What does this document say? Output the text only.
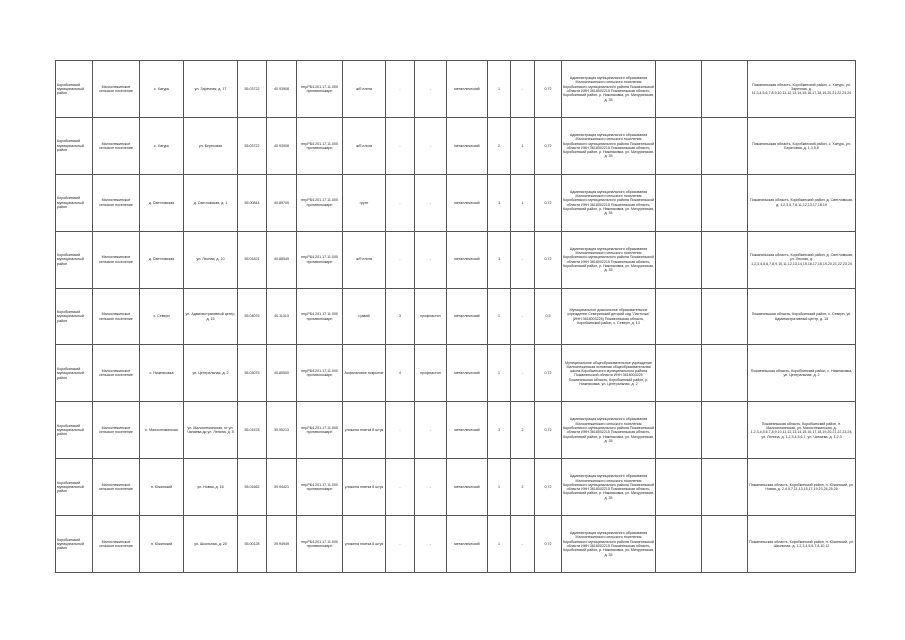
Коробкинский муниципальный район	Малоснежинское сельское поселение	с. Хатурь	ул. Заречная, д. 17	55.03722	40.93908	ппу.РБ4.201.17.11.000 противопожарн	ж/б плита	-	-	металлический	1	-	0,72	Администрация муниципального образования Малоснежинского сельского поселения Коробкинского муниципального района Пожаеяньской области ИНН 3618002215 Пожаеяньская область, Коробкинский район, р. Нижняковка, ул. Мичуринская, д. 35			Пожаеяньская область, Коробкинский район, с. Хатурь, ул. Заречная, д. 11,3,4,5,6,7,8,9,10,11,12,13,14,15,16,17,18,19,20,21,22,23,24
Коробкинский муниципальный район	Малоснежинское сельское поселение	с. Хатурь	ул. Береговая	55.03722	40.93908	ппу.РБ4.201.17.11.000 противопожарн	ж/б плита	-	-	металлический	2	1	0,72	Администрация муниципального образования Малоснежинского сельского поселения Коробкинского муниципального района Пожаеяньской области ИНН 3618002215 Пожаеяньская область, Коробкинский район, р. Нижняковка, ул. Мичуринская, д. 35			Пожаеяньская область, Коробкинский район, с. Хатурь, ул. Береговая, д. 1,3,5,8
Коробкинский муниципальный район	Малоснежинское сельское поселение	д. Светловская	д. Светловская, д. 1	55.00844	40.89700	ппу.РБ4.201.17.11.000 противопожарн	грунт	-	-	металлический	3	1	0,72	Администрация муниципального образования Малоснежинского сельского поселения Коробкинского муниципального района Пожаеяньской области ИНН 3618002215 Пожаеяньская область, Коробкинский район, р. Нижняковка, ул. Мичуринская, д. 35			Пожаеяньская область, Коробкинский район, д. Светловская, д. 1,2,3,5,7,8,11,12,13,17,18,19
Коробкинский муниципальный район	Малоснежинское сельское поселение	д. Светловская	ул. Лесная, д. 10	55.01821	40.88549	ппу.РБ4.201.17.11.000 противопожарн	ж/б плита	-	-	металлический	3	-	0,72	Администрация муниципального образования Малоснежинского сельского поселения Коробкинского муниципального района Пожаеяньской области ИНН 3618002215 Пожаеяньская область, Коробкинский район, р. Нижняковка, ул. Мичуринская, д. 35			Пожаеяньская область, Коробкинский район, д. Светловская, ул. Лесная, д. 1,2,3,4,5,6,7,8,9,10,11,12,13,14,15,16,17,18,19,20,21,22,23,24
Коробкинский муниципальный район	Малоснежинское сельское поселение	с. Северн	ул. Административный центр, д. 15	55.04076	40.11313	ппу.РБ4.201.17.11.000 противопожарн	гравий	3	профнастил	металлический	1	-	0,5	Муниципальное дошкольное образовательное учреждение Северинский детский сад "Ласточка" (ИНН 3618003225) Пожаеяньская область, Коробкинский район, с. Северн, д. 13			Пожаеяньская область, Коробкинский район, с. Северн, ул. Административный центр, д. 15
Коробкинский муниципальный район	Малоснежинское сельское поселение	с. Нижняковка	ул. Центральная, д. 2	55.03075	40.89500	ппу.РБ4.201.17.11.000 противопожарн	Асфальтовое покрытие	4	профнастил	металлический	1	-	0,72	Муниципальное общеобразовательное учреждение Малоснежинская основная общеобразовательная школа Коробкинского муниципального района Пожаеяньской области ИНН 3618003225 Пожаеяньская область, Коробкинский район, р. Нижняковка, ул. Центральная, д. 2			Пожаеяньская область, Коробкинский район, с. Нижняковка, ул. Центральная, д. 2
Коробкинский муниципальный район	Малоснежинское сельское поселение	п. Малоснежинская	ул. Малоснежинская, от ул. Чапаева до ул. Ленина, д. 5	55.01578	39.95213	ппу.РБ4.201.17.11.000 противопожарн	уложена плитка 8 штук	-	-	металлический	3	2	0,72	Администрация муниципального образования Малоснежинского сельского поселения Коробкинского муниципального района Пожаеяньской области ИНН 3618002215 Пожаеяньская область, Коробкинский район, р. Нижняковка, ул. Мичуринская, д. 35			Пожаеяньская область, Коробкинский район, п. Малоснежинская, ул. Малоснежинская, д. 1,2,3,4,5,6,7,8,9,10,11,12,13,14,15,16,17,18,19,20,21,22,23,24; ул. Ленина, д. 1,2,3,4,5,6,7; ул. Чапаева, д. 1,2,3
Коробкинский муниципальный район	Малоснежинское сельское поселение	п. Южинский	ул. Новая, д. 16	55.01662	39.94421	ппу.РБ4.201.17.11.000 противопожарн	уложена плитка 8 штук	-	-	металлический	1	2	0,72	Администрация муниципального образования Малоснежинского сельского поселения Коробкинского муниципального района Пожаеяньской области ИНН 3618002215 Пожаеяньская область, Коробкинский район, р. Нижняковка, ул. Мичуринская, д. 35			Пожаеяньская область, Коробкинский район, п. Южинский, ул. Новая, д. 2,4,5,7,11,13,15,17,19,23,24,25,26
Коробкинский муниципальный район	Малоснежинское сельское поселение	п. Южинский	ул. Школьная, д. 20	55.00128	39.94949	ппу.РБ4.201.17.11.000 противопожарн	уложена плитка 8 штук	-	-	металлический	1	-	0,72	Администрация муниципального образования Малоснежинского сельского поселения Коробкинского муниципального района Пожаеяньской области ИНН 3618002215 Пожаеяньская область, Коробкинский район, р. Нижняковка, ул. Мичуринская, д. 35			Пожаеяньская область, Коробкинский район, п. Южинский, ул. Школьная, д. 1,2,3,4,5,6,7,8,10,12
